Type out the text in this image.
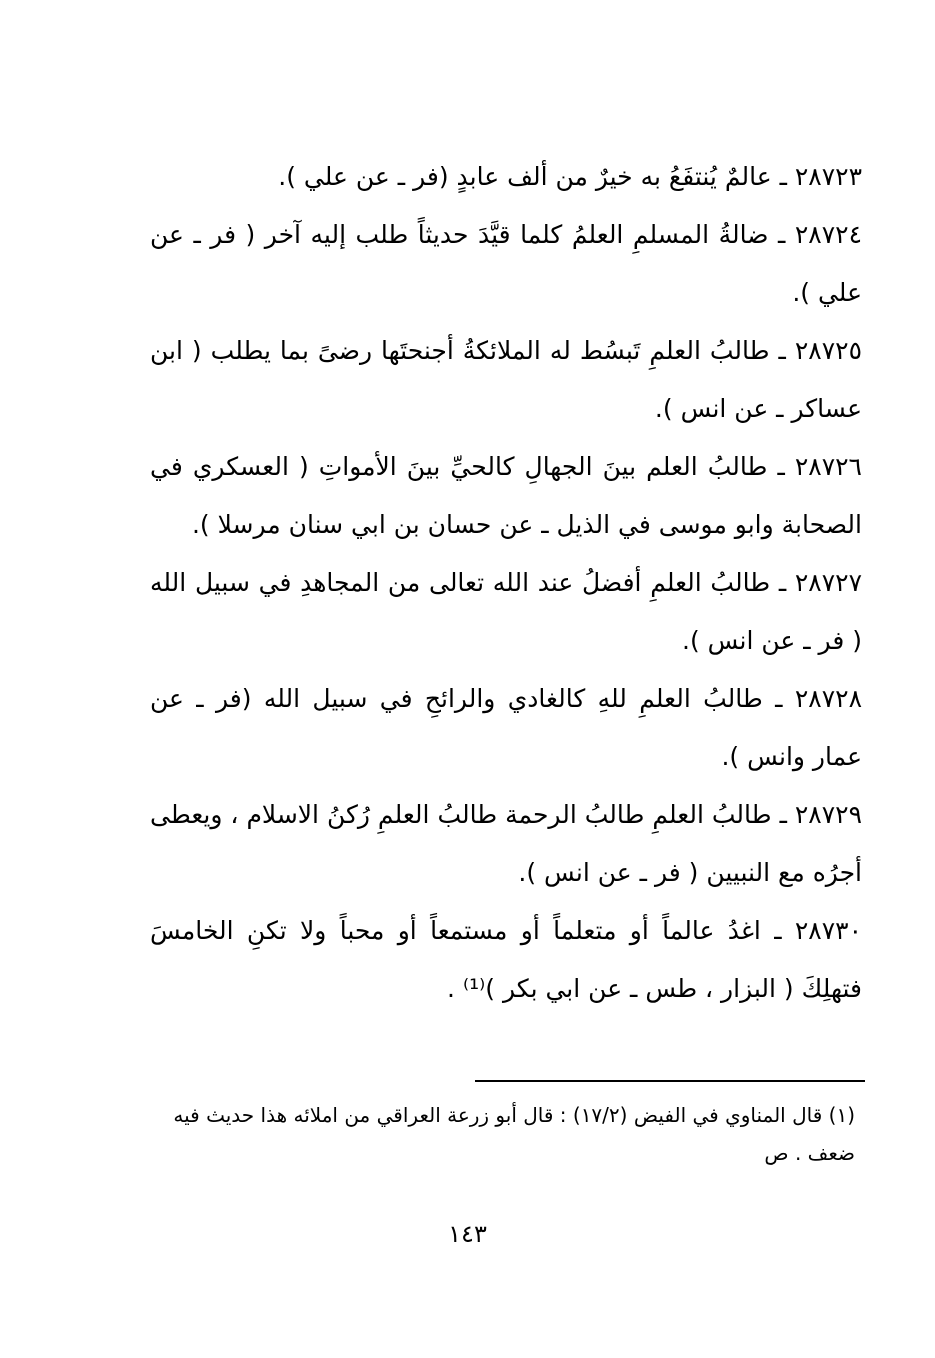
٢٨٧٢٣ ـ عالمٌ يُنتفَعُ به خيرٌ من ألف عابدٍ (فر ـ عن علي ).

٢٨٧٢٤ ـ ضالةُ المسلمِ العلمُ كلما قيَّدَ حديثاً طلب إليه آخر ( فر ـ عن علي ).

٢٨٧٢٥ ـ طالبُ العلمِ تَبسُط له الملائكةُ أجنحتَها رضىً بما يطلب ( ابن عساكر ـ عن انس ).

٢٨٧٢٦ ـ طالبُ العلم بينَ الجهالِ كالحيِّ بينَ الأمواتِ ( العسكري في الصحابة وابو موسى في الذيل ـ عن حسان بن ابي سنان مرسلا ).

٢٨٧٢٧ ـ طالبُ العلمِ أفضلُ عند الله تعالى من المجاهدِ في سبيل الله ( فر ـ عن انس ).

٢٨٧٢٨ ـ طالبُ العلمِ للهِ كالغادي والرائحِ في سبيل الله (فر ـ عن عمار وانس ).

٢٨٧٢٩ ـ طالبُ العلمِ طالبُ الرحمة طالبُ العلمِ رُكنُ الاسلام ، ويعطى أجرُه مع النبيين ( فر ـ عن انس ).

٢٨٧٣٠ ـ اغدُ عالماً أو متعلماً أو مستمعاً أو محباً ولا تكنِ الخامسَ فتهلِكَ ( البزار ، طس ـ عن ابي بكر )⁽¹⁾ .

(١) قال المناوي في الفيض (١٧/٢) : قال أبو زرعة العراقي من املائه هذا حديث فيه ضعف . ص
١٤٣
